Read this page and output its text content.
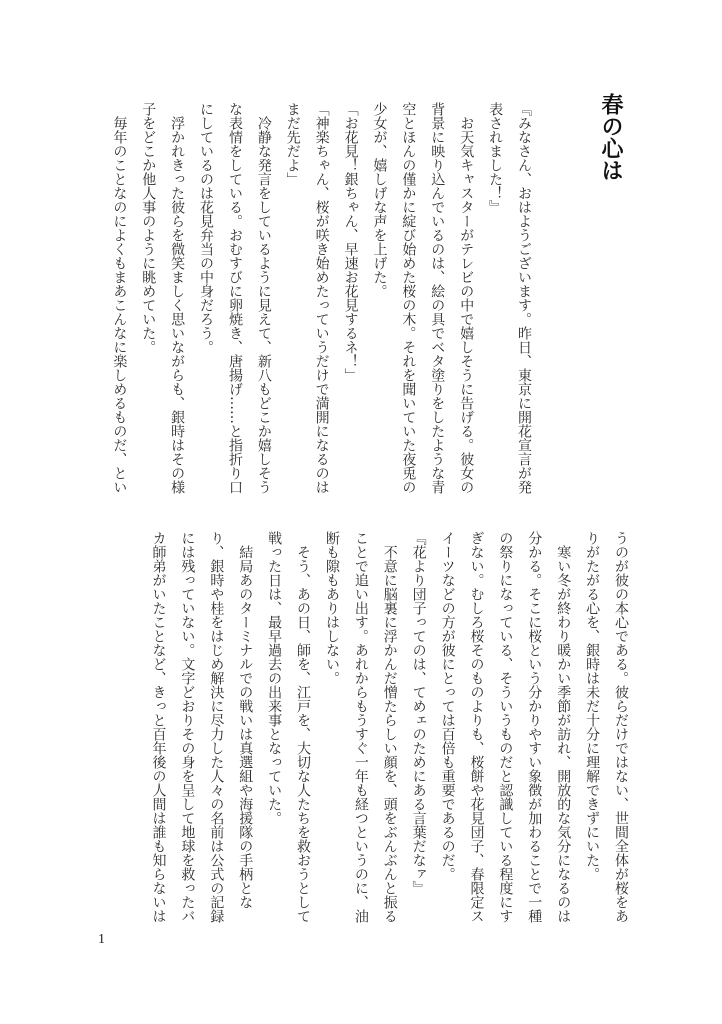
春の心は
『みなさん、おはようございます。昨日、東京に開花宣言が発
表されました！』
　お天気キャスターがテレビの中で嬉しそうに告げる。彼女の
背景に映り込んでいるのは、絵の具でベタ塗りをしたような青
空とほんの僅かに綻び始めた桜の木。それを聞いていた夜兎の
少女が、嬉しげな声を上げた。
「お花見！銀ちゃん、早速お花見するネ！」
「神楽ちゃん、桜が咲き始めたっていうだけで満開になるのは
まだ先だよ」
　冷静な発言をしているように見えて、新八もどこか嬉しそう
な表情をしている。おむすびに卵焼き、唐揚げ……と指折り口
にしているのは花見弁当の中身だろう。
　浮かれきった彼らを微笑ましく思いながらも、銀時はその様
子をどこか他人事のように眺めていた。
　毎年のことなのによくもまあこんなに楽しめるものだ、とい
うのが彼の本心である。彼らだけではない、世間全体が桜をあ
りがたがる心を、銀時は未だ十分に理解できずにいた。
　寒い冬が終わり暖かい季節が訪れ、開放的な気分になるのは
分かる。そこに桜という分かりやすい象徴が加わることで一種
の祭りになっている、そういうものだと認識している程度にす
ぎない。むしろ桜そのものよりも、桜餅や花見団子、春限定ス
イーツなどの方が彼にとっては百倍も重要であるのだ。
『花より団子ってのは、てめェのためにある言葉だなァ』
　不意に脳裏に浮かんだ憎たらしい顔を、頭をぶんぶんと振る
ことで追い出す。あれからもうすぐ一年も経つというのに、油
断も隙もありはしない。
　そう、あの日、師を、江戸を、大切な人たちを救おうとして
戦った日は、最早過去の出来事となっていた。
　結局あのターミナルでの戦いは真選組や海援隊の手柄とな
り、銀時や桂をはじめ解決に尽力した人々の名前は公式の記録
には残っていない。文字どおりその身を呈して地球を救ったバ
カ師弟がいたことなど、きっと百年後の人間は誰も知らないは
1
